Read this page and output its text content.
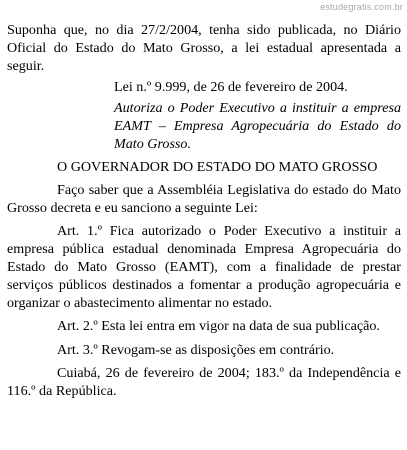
estudegratis.com.br

Suponha que, no dia 27/2/2004, tenha sido publicada, no Diário Oficial do Estado do Mato Grosso, a lei estadual apresentada a seguir.

Lei n.º 9.999, de 26 de fevereiro de 2004.

Autoriza o Poder Executivo a instituir a empresa EAMT – Empresa Agropecuária do Estado do Mato Grosso.

O GOVERNADOR DO ESTADO DO MATO GROSSO

Faço saber que a Assembléia Legislativa do estado do Mato Grosso decreta e eu sanciono a seguinte Lei:

Art. 1.º Fica autorizado o Poder Executivo a instituir a empresa pública estadual denominada Empresa Agropecuária do Estado do Mato Grosso (EAMT), com a finalidade de prestar serviços públicos destinados a fomentar a produção agropecuária e organizar o abastecimento alimentar no estado.

Art. 2.º Esta lei entra em vigor na data de sua publicação.

Art. 3.º Revogam-se as disposições em contrário.

Cuiabá, 26 de fevereiro de 2004; 183.º da Independência e 116.º da República.
